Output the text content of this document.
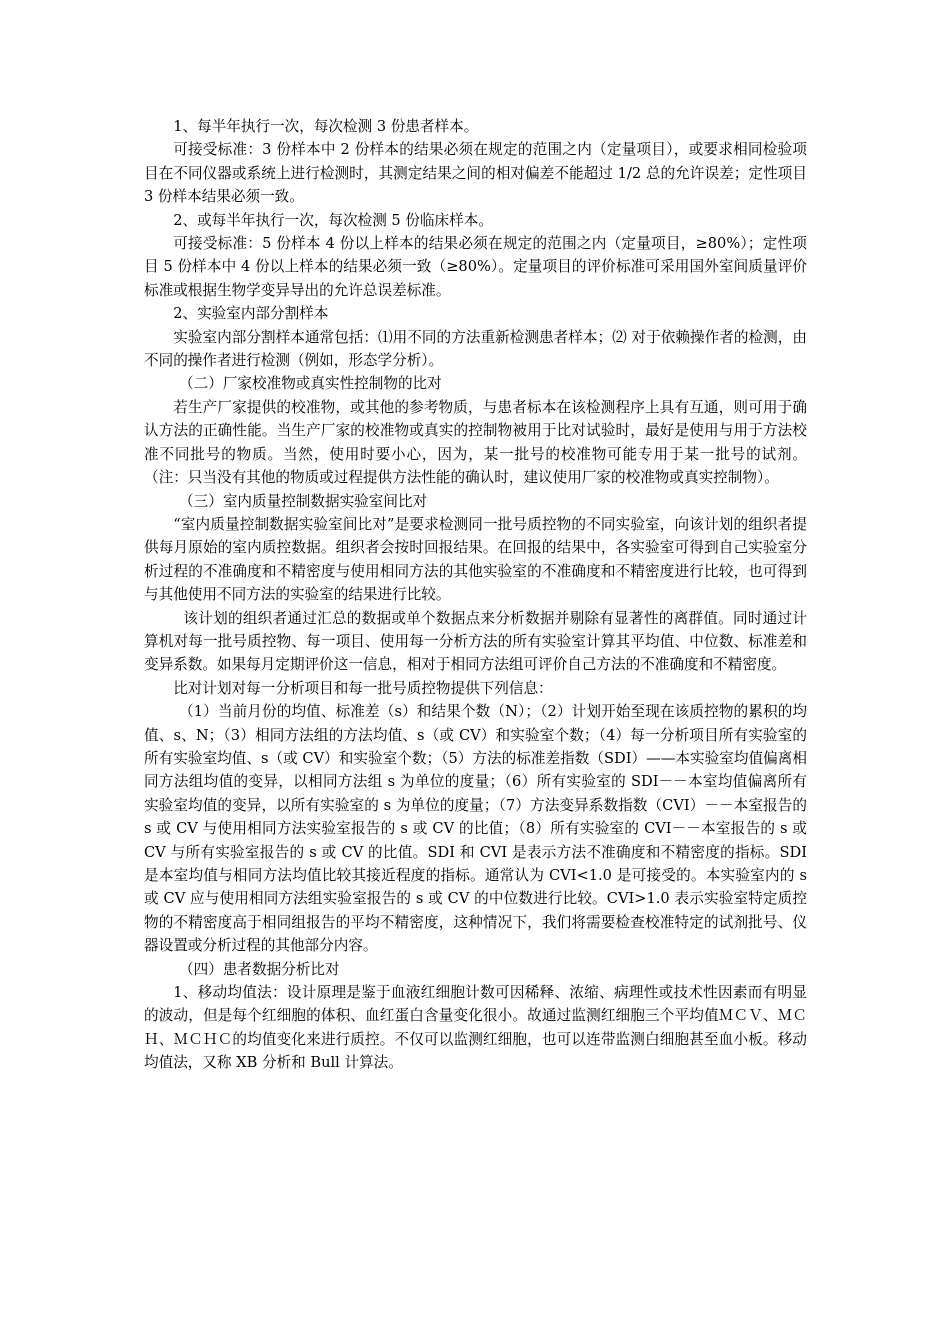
1、每半年执行一次，每次检测 3 份患者样本。

可接受标准：3 份样本中 2 份样本的结果必须在规定的范围之内（定量项目），或要求相同检验项目在不同仪器或系统上进行检测时，其测定结果之间的相对偏差不能超过 1/2 总的允许误差；定性项目 3 份样本结果必须一致。

2、或每半年执行一次，每次检测 5 份临床样本。

可接受标准：5 份样本 4 份以上样本的结果必须在规定的范围之内（定量项目，≥80%）；定性项目 5 份样本中 4 份以上样本的结果必须一致（≥80%）。定量项目的评价标准可采用国外室间质量评价标准或根据生物学变异导出的允许总误差标准。

2、实验室内部分割样本

实验室内部分割样本通常包括：⑴用不同的方法重新检测患者样本；⑵ 对于依赖操作者的检测，由不同的操作者进行检测（例如，形态学分析）。

（二）厂家校准物或真实性控制物的比对

若生产厂家提供的校准物，或其他的参考物质，与患者标本在该检测程序上具有互通，则可用于确认方法的正确性能。当生产厂家的校准物或真实的控制物被用于比对试验时，最好是使用与用于方法校准不同批号的物质。当然，使用时要小心，因为，某一批号的校准物可能专用于某一批号的试剂。（注：只当没有其他的物质或过程提供方法性能的确认时，建议使用厂家的校准物或真实控制物）。

（三）室内质量控制数据实验室间比对

“室内质量控制数据实验室间比对”是要求检测同一批号质控物的不同实验室，向该计划的组织者提供每月原始的室内质控数据。组织者会按时回报结果。在回报的结果中，各实验室可得到自己实验室分析过程的不准确度和不精密度与使用相同方法的其他实验室的不准确度和不精密度进行比较，也可得到与其他使用不同方法的实验室的结果进行比较。

该计划的组织者通过汇总的数据或单个数据点来分析数据并剔除有显著性的离群值。同时通过计算机对每一批号质控物、每一项目、使用每一分析方法的所有实验室计算其平均值、中位数、标准差和变异系数。如果每月定期评价这一信息，相对于相同方法组可评价自己方法的不准确度和不精密度。

比对计划对每一分析项目和每一批号质控物提供下列信息：

（1）当前月份的均值、标准差（s）和结果个数（N）；（2）计划开始至现在该质控物的累积的均值、s、N；（3）相同方法组的方法均值、s（或 CV）和实验室个数；（4）每一分析项目所有实验室的所有实验室均值、s（或 CV）和实验室个数；（5）方法的标准差指数（SDI）——本实验室均值偏离相同方法组均值的变异，以相同方法组 s 为单位的度量；（6）所有实验室的 SDI－－本室均值偏离所有实验室均值的变异，以所有实验室的 s 为单位的度量；（7）方法变异系数指数（CVI）－－本室报告的 s 或 CV 与使用相同方法实验室报告的 s 或 CV 的比值；（8）所有实验室的 CVI－－本室报告的 s 或 CV 与所有实验室报告的 s 或 CV 的比值。SDI 和 CVI 是表示方法不准确度和不精密度的指标。SDI 是本室均值与相同方法均值比较其接近程度的指标。通常认为 CVI<1.0 是可接受的。本实验室内的 s 或 CV 应与使用相同方法组实验室报告的 s 或 CV 的中位数进行比较。CVI>1.0 表示实验室特定质控物的不精密度高于相同组报告的平均不精密度，这种情况下，我们将需要检查校准特定的试剂批号、仪器设置或分析过程的其他部分内容。

（四）患者数据分析比对

1、移动均值法：设计原理是鉴于血液红细胞计数可因稀释、浓缩、病理性或技术性因素而有明显的波动，但是每个红细胞的体积、血红蛋白含量变化很小。故通过监测红细胞三个平均值ＭＣＶ、ＭＣＨ、ＭＣＨＣ的均值变化来进行质控。不仅可以监测红细胞，也可以连带监测白细胞甚至血小板。移动均值法，又称 XB 分析和 Bull 计算法。
